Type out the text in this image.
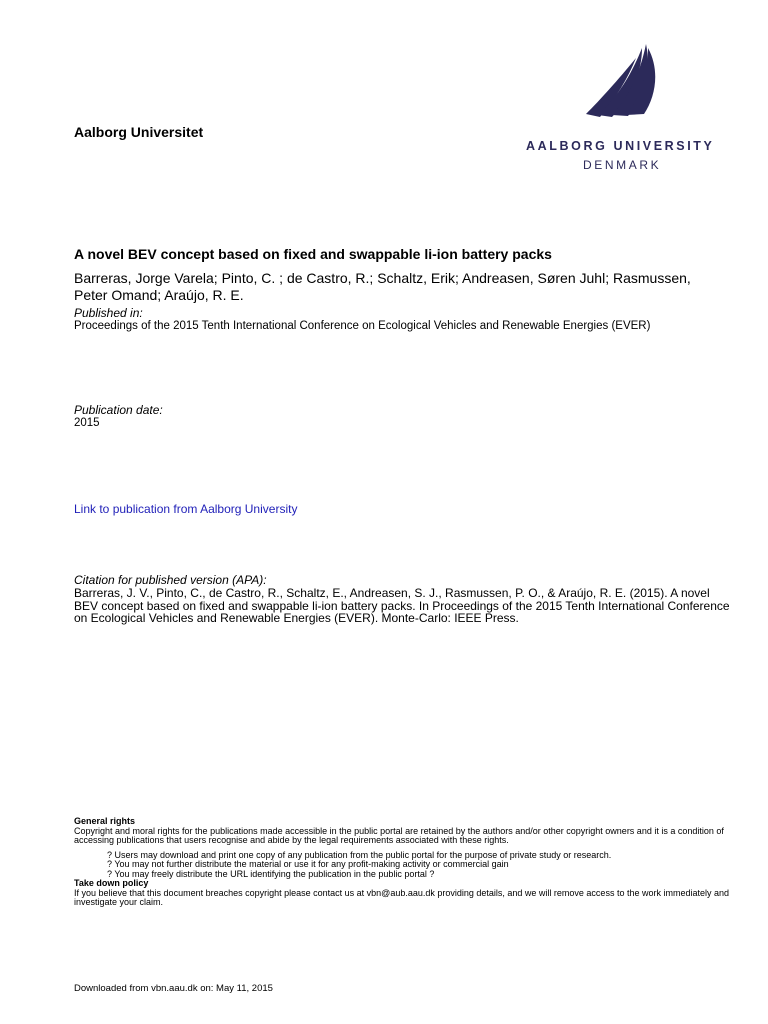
Aalborg Universitet
AALBORG UNIVERSITY
DENMARK
A novel BEV concept based on fixed and swappable li-ion battery packs

Barreras, Jorge Varela; Pinto, C. ; de Castro, R.; Schaltz, Erik; Andreasen, Søren Juhl; Rasmussen, Peter Omand; Araújo, R. E.

Published in:

Proceedings of the 2015 Tenth International Conference on Ecological Vehicles and Renewable Energies (EVER)

Publication date:

2015

Link to publication from Aalborg University

Citation for published version (APA):

Barreras, J. V., Pinto, C., de Castro, R., Schaltz, E., Andreasen, S. J., Rasmussen, P. O., & Araújo, R. E. (2015). A novel BEV concept based on fixed and swappable li-ion battery packs. In Proceedings of the 2015 Tenth International Conference on Ecological Vehicles and Renewable Energies (EVER). Monte-Carlo: IEEE Press.

General rights

Copyright and moral rights for the publications made accessible in the public portal are retained by the authors and/or other copyright owners and it is a condition of accessing publications that users recognise and abide by the legal requirements associated with these rights.

? Users may download and print one copy of any publication from the public portal for the purpose of private study or research.
? You may not further distribute the material or use it for any profit-making activity or commercial gain
? You may freely distribute the URL identifying the publication in the public portal ?

Take down policy

If you believe that this document breaches copyright please contact us at vbn@aub.aau.dk providing details, and we will remove access to the work immediately and investigate your claim.

Downloaded from vbn.aau.dk on: May 11, 2015
